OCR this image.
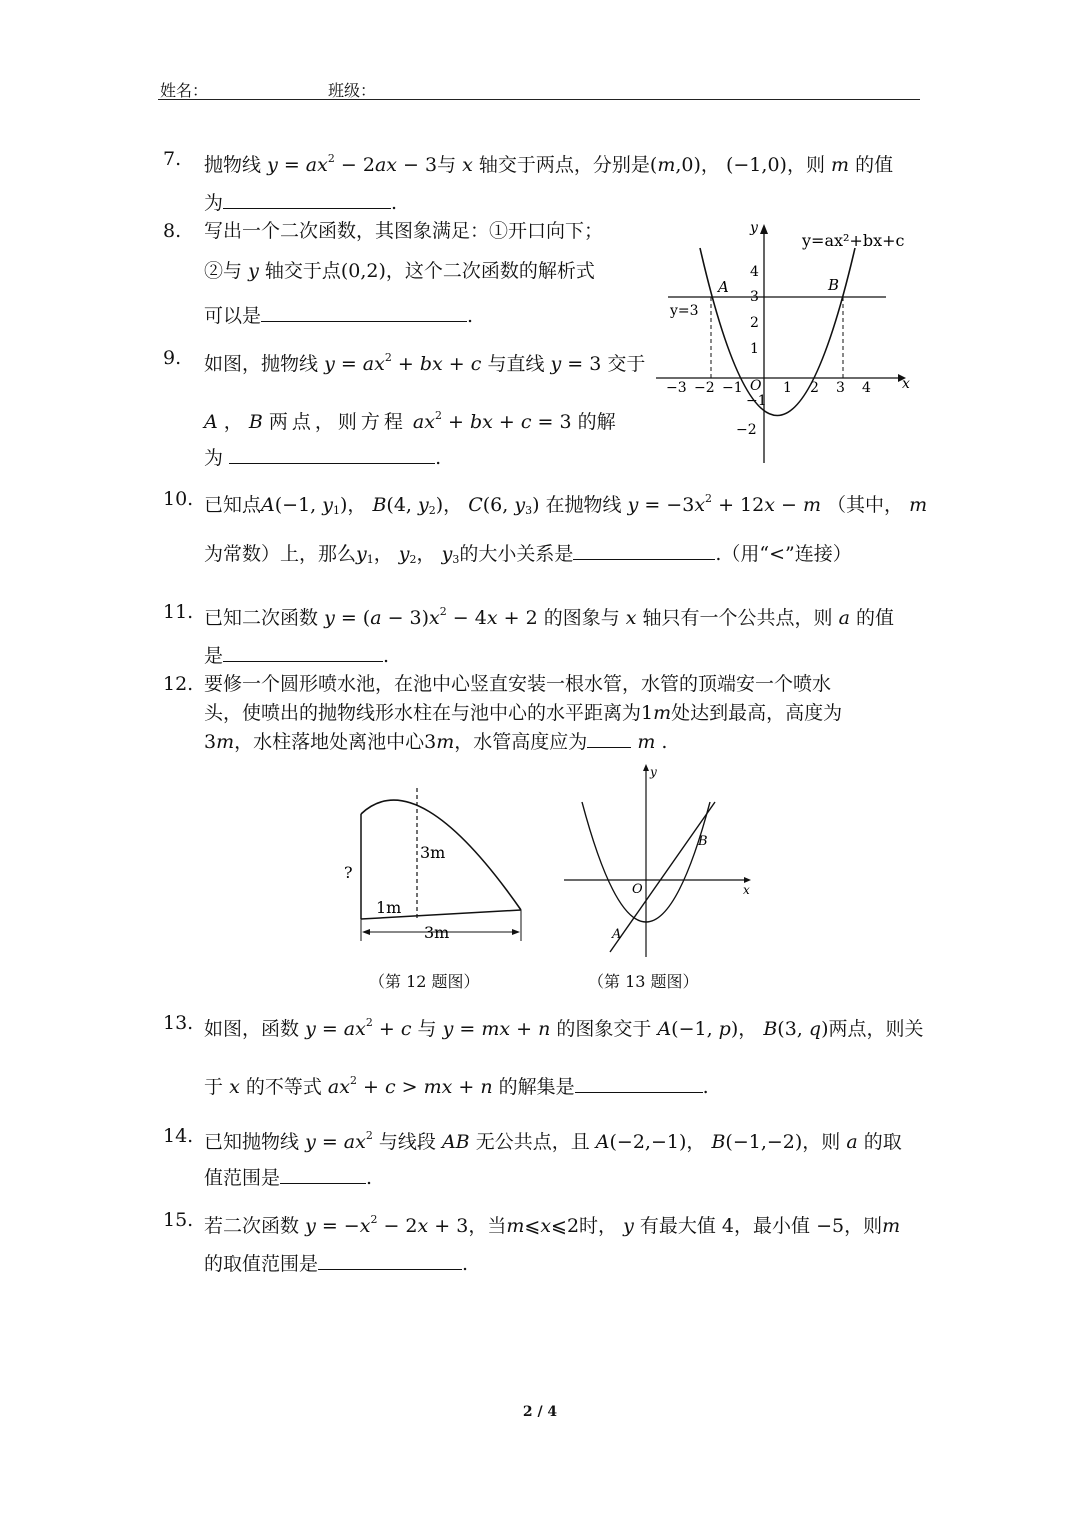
姓名：	班级：
7. 抛物线 $y = ax^2 - 2ax - 3$与 x 轴交于两点，分别是(m,0)， (−1,0)，则 m 的值
为	.
8. 写出一个二次函数，其图象满足：①开口向下；
②与 y 轴交于点(0,2)，这个二次函数的解析式
可以是	.
9. 如图，抛物线 $y = ax^2$ + bx + c 与直线 y = 3 交于
A ， B 两点，则方程 $ax^2$ + bx + c = 3 的解
为	.
x
y
O
−3 −2 −1	1 2 3 4
4
3
2
1
−1
−2
y=3
A	B
y=ax²+bx+c
10. 已知点A(−1, $y_1$)， B(4, $y_2$)， C(6, $y_3$) 在抛物线 $y = -3x^2 + 12x - m$ （其中， m
为常数）上，那么$y_1$， $y_2$， $y_3$的大小关系是	.（用“<”连接）
11. 已知二次函数 $y = (a - 3)x^2 - 4x + 2$ 的图象与 x 轴只有一个公共点，则 a 的值
是	.
12. 要修一个圆形喷水池，在池中心竖直安装一根水管，水管的顶端安一个喷水
头，使喷出的抛物线形水柱在与池中心的水平距离为1m处达到最高，高度为
3m，水柱落地处离池中心3m，水管高度应为	m .
3m
1m
3m
?
（第 12 题图）
x
y
O
A
B
（第 13 题图）
13. 如图，函数 $y = ax^2 + c$ 与 y = mx + n 的图象交于 A(−1, p)， B(3, q)两点，则关
于 x 的不等式 $ax^2 + c$ > mx + n 的解集是	.
14. 已知抛物线 $y = ax^2$ 与线段 AB 无公共点，且 A(−2,−1)， B(−1,−2)，则 a 的取
值范围是	.
15. 若二次函数 $y = -x^2 - 2x + 3$，当m⩽x⩽2时， y 有最大值 4，最小值 −5，则m
的取值范围是	.
2 / 4
